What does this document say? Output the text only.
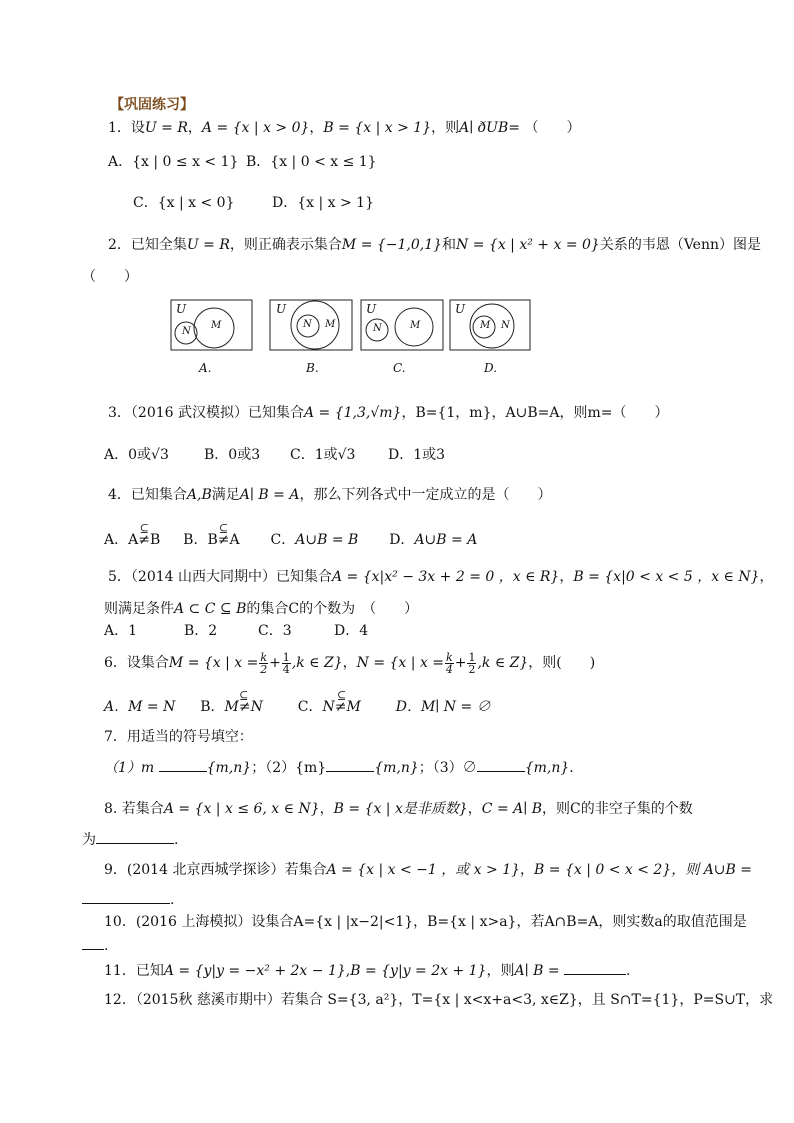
【巩固练习】
1．设U = R，A = {x | x > 0}，B = {x | x > 1}，则A∣ ðUB= （　　）
A．{x | 0 ≤ x < 1} B．{x | 0 < x ≤ 1}
C．{x | x < 0}	D．{x | x > 1}
2．已知全集U = R，则正确表示集合M = {−1,0,1}和N = {x | x² + x = 0}关系的韦恩（Venn）图是
（　　）
U
N
M
U
N M
U
N	M
U
M N
A.	B.	C.	D.
3．（2016 武汉模拟）已知集合A = {1,3,√m}，B={1，m}，A∪B=A，则m=（　　）
A．0或√3	B．0或3 C．1或√3 D．1或3
4．已知集合A,B满足A∣ B = A，那么下列各式中一定成立的是（　　）
A．
⊆
A≠B B．
⊆
B≠A C．A∪B = B D．A∪B = A
5．（2014 山西大同期中）已知集合A = {x|x² − 3x + 2 = 0 ，x ∈ R}，B = {x|0 < x < 5 ，x ∈ N}，
则满足条件A ⊂ C ⊆ B的集合C的个数为　（　　）
A．1	B．2	C．3	D．4
6．设集合M = {x | $x = \frac{k}{2} + \frac{1}{4} ,k$ ∈ Z}，N = {x | $x = \frac{k}{4} + \frac{1}{2} ,k$ ∈ Z}，则(　　)
A．M = N B．
⊆
M≠N C．
⊆
N≠M D．M∣ N = ∅
7．用适当的符号填空：
（1）m	{m,n}；（2）{m}	{m,n}；（3）∅	{m,n}.
8. 若集合A = {x | x ≤ 6, x ∈ N}，B = {x | x是非质数}，C = A∣ B，则C的非空子集的个数
为	.
9．(2014 北京西城学探诊）若集合A = {x | x < −1 ，或 x > 1}，B = {x | 0 < x < 2}，则 A∪B =
.
10．(2016 上海模拟）设集合A={x | |x−2|<1}，B={x | x>a}，若A∩B=A，则实数a的取值范围是
.
11．已知A = {y|y = −x² + 2x − 1},B = {y|y = 2x + 1}，则A∣ B =	.
12．（2015秋 慈溪市期中）若集合 S={3, a²}，T={x | x<x+a<3, x∈Z}，且 S∩T={1}，P=S∪T，求
